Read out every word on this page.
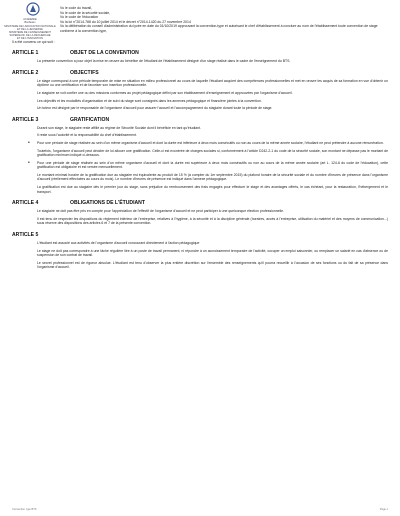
ACADEMIE
Bordeaux
MINISTERE DE L'EDUCATION NATIONALE
ET DE LA JEUNESSE
MINISTERE DE L'ENSEIGNEMENT
SUPERIEUR, DE LA RECHERCHE
ET DE L'INNOVATION
Vu le code du travail,
Vu le code de la sécurité sociale,
Vu le code de l'éducation
Vu la loi n°2014-788 du 10 juillet 2014 et le décret n°2014-1420 du 27 novembre 2014
Vu la délibération du conseil d'administration du lycée en date du 01/10/2019 approuvant la convention-type et autorisant le chef d'établissement à conclure au nom de l'établissement toute convention de stage conforme à la convention-type,
Il a été convenu ce qui suit :
ARTICLE 1	OBJET DE LA CONVENTION
La présente convention a pour objet la mise en œuvre au bénéfice de l'étudiant de l'établissement désigné d'un stage réalisé dans le cadre de l'enseignement du BTS.
ARTICLE 2	OBJECTIFS
Le stage correspond à une période temporaire de mise en situation en milieu professionnel au cours de laquelle l'étudiant acquiert des compétences professionnelles et met en œuvre les acquis de sa formation en vue d'obtenir un diplôme ou une certification et de favoriser son insertion professionnelle.
Le stagiaire se voit confier une ou des missions conformes au projet pédagogique défini par son établissement d'enseignement et approuvées par l'organisme d'accueil.
Les objectifs et les modalités d'organisation et de suivi du stage sont consignés dans les annexes pédagogique et financière jointes à la convention.
Un tuteur est désigné par le responsable de l'organisme d'accueil pour assurer l'accueil et l'accompagnement du stagiaire durant toute la période de stage.
ARTICLE 3	GRATIFICATION
Durant son stage, le stagiaire reste affilié au régime de Sécurité Sociale dont il bénéficie en tant qu'étudiant.
Il reste sous l'autorité et la responsabilité du chef d'établissement.
• Pour une période de stage réalisée au sein d'un même organisme d'accueil et dont la durée est inférieure à deux mois consécutifs ou non au cours de la même année scolaire, l'étudiant ne peut prétendre à aucune rémunération.
Toutefois, l'organisme d'accueil peut décider de lui allouer une gratification. Celle-ci est exonérée de charges sociales si, conformément à l'article D242-2-1 du code de la sécurité sociale, son montant ne dépasse pas le montant de gratification minimum indiqué ci-dessous.
• Pour une période de stage réalisée au sein d'un même organisme d'accueil et dont la durée est supérieure à deux mois consécutifs ou non au cours de la même année scolaire (art L. 124-6 du code de l'éducation), cette gratification est obligatoire et est versée mensuellement.
Le montant minimal horaire de la gratification due au stagiaire est équivalente au produit de 15 % (à compter du 1er septembre 2015) du plafond horaire de la sécurité sociale et du nombre d'heures de présence dans l'organisme d'accueil (réellement effectuées au cours du mois). Le nombre d'heures de présence est indiqué dans l'annexe pédagogique.
La gratification est due au stagiaire dès le premier jour du stage, sans préjudice du remboursement des frais engagés pour effectuer le stage et des avantages offerts, le cas échéant, pour la restauration, l'hébergement et le transport.
ARTICLE 4	OBLIGATIONS DE L'ÉTUDIANT
Le stagiaire ne doit pas être pris en compte pour l'appréciation de l'effectif de l'organisme d'accueil et ne peut participer à une quelconque élection professionnelle.
Il est tenu de respecter les dispositions du règlement intérieur de l'entreprise, relatives à l'hygiène, à la sécurité et à la discipline générale (horaires, accès à l'entreprise, utilisation du matériel et des moyens de communication...) sous réserve des dispositions des articles 6 et 7 de la présente convention.
ARTICLE 5
L'étudiant est associé aux activités de l'organisme d'accueil concourant directement à l'action pédagogique
Le stage ne doit pas correspondre à une tâche régulière liée à un poste de travail permanent, ni répondre à un accroissement temporaire de l'activité, occuper un emploi saisonnier, ou remplacer un salarié en cas d'absence ou de suspension de son contrat de travail.
Le secret professionnel est de rigueur absolue. L'étudiant est tenu d'observer la plus entière discrétion sur l'ensemble des renseignements qu'il pourra recueillir à l'occasion de ses fonctions ou du fait de sa présence dans l'organisme d'accueil.
Convention type BTS	Page 1
